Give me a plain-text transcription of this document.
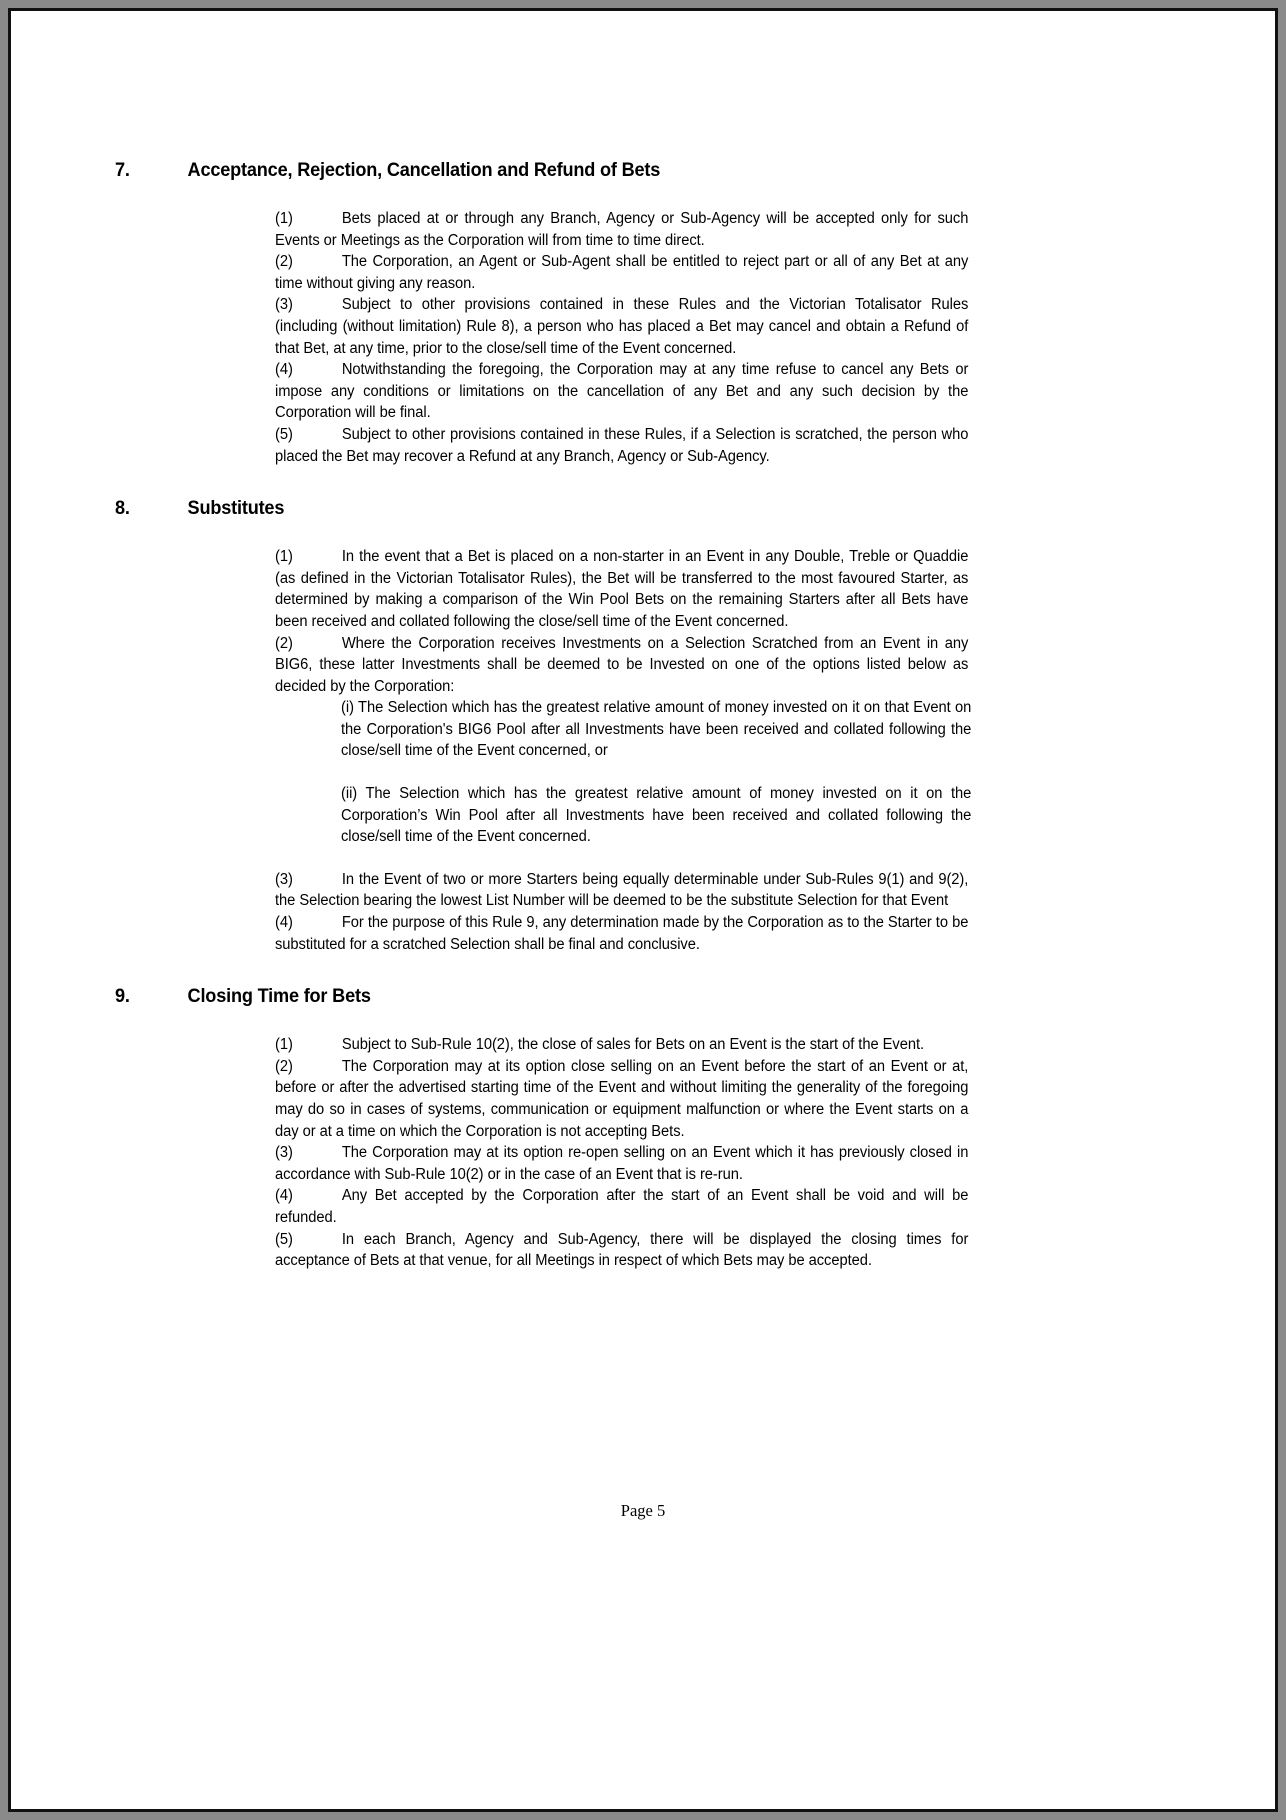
7.	Acceptance, Rejection, Cancellation and Refund of Bets

(1)	Bets placed at or through any Branch, Agency or Sub-Agency will be accepted only for such Events or Meetings as the Corporation will from time to time direct.

(2)	The Corporation, an Agent or Sub-Agent shall be entitled to reject part or all of any Bet at any time without giving any reason.

(3)	Subject to other provisions contained in these Rules and the Victorian Totalisator Rules (including (without limitation) Rule 8), a person who has placed a Bet may cancel and obtain a Refund of that Bet, at any time, prior to the close/sell time of the Event concerned.

(4)	Notwithstanding the foregoing, the Corporation may at any time refuse to cancel any Bets or impose any conditions or limitations on the cancellation of any Bet and any such decision by the Corporation will be final.

(5)	Subject to other provisions contained in these Rules, if a Selection is scratched, the person who placed the Bet may recover a Refund at any Branch, Agency or Sub-Agency.

8.	Substitutes

(1)	In the event that a Bet is placed on a non-starter in an Event in any Double, Treble or Quaddie (as defined in the Victorian Totalisator Rules), the Bet will be transferred to the most favoured Starter, as determined by making a comparison of the Win Pool Bets on the remaining Starters after all Bets have been received and collated following the close/sell time of the Event concerned.

(2)	Where the Corporation receives Investments on a Selection Scratched from an Event in any BIG6, these latter Investments shall be deemed to be Invested on one of the options listed below as decided by the Corporation:

(i) The Selection which has the greatest relative amount of money invested on it on that Event on the Corporation's BIG6 Pool after all Investments have been received and collated following the close/sell time of the Event concerned, or

(ii) The Selection which has the greatest relative amount of money invested on it on the Corporation’s Win Pool after all Investments have been received and collated following the close/sell time of the Event concerned.

(3)	In the Event of two or more Starters being equally determinable under Sub-Rules 9(1) and 9(2), the Selection bearing the lowest List Number will be deemed to be the substitute Selection for that Event

(4)	For the purpose of this Rule 9, any determination made by the Corporation as to the Starter to be substituted for a scratched Selection shall be final and conclusive.

9.	Closing Time for Bets

(1)	Subject to Sub-Rule 10(2), the close of sales for Bets on an Event is the start of the Event.

(2)	The Corporation may at its option close selling on an Event before the start of an Event or at, before or after the advertised starting time of the Event and without limiting the generality of the foregoing may do so in cases of systems, communication or equipment malfunction or where the Event starts on a day or at a time on which the Corporation is not accepting Bets.

(3)	The Corporation may at its option re-open selling on an Event which it has previously closed in accordance with Sub-Rule 10(2) or in the case of an Event that is re-run.

(4)	Any Bet accepted by the Corporation after the start of an Event shall be void and will be refunded.

(5)	In each Branch, Agency and Sub-Agency, there will be displayed the closing times for acceptance of Bets at that venue, for all Meetings in respect of which Bets may be accepted.

Page 5
